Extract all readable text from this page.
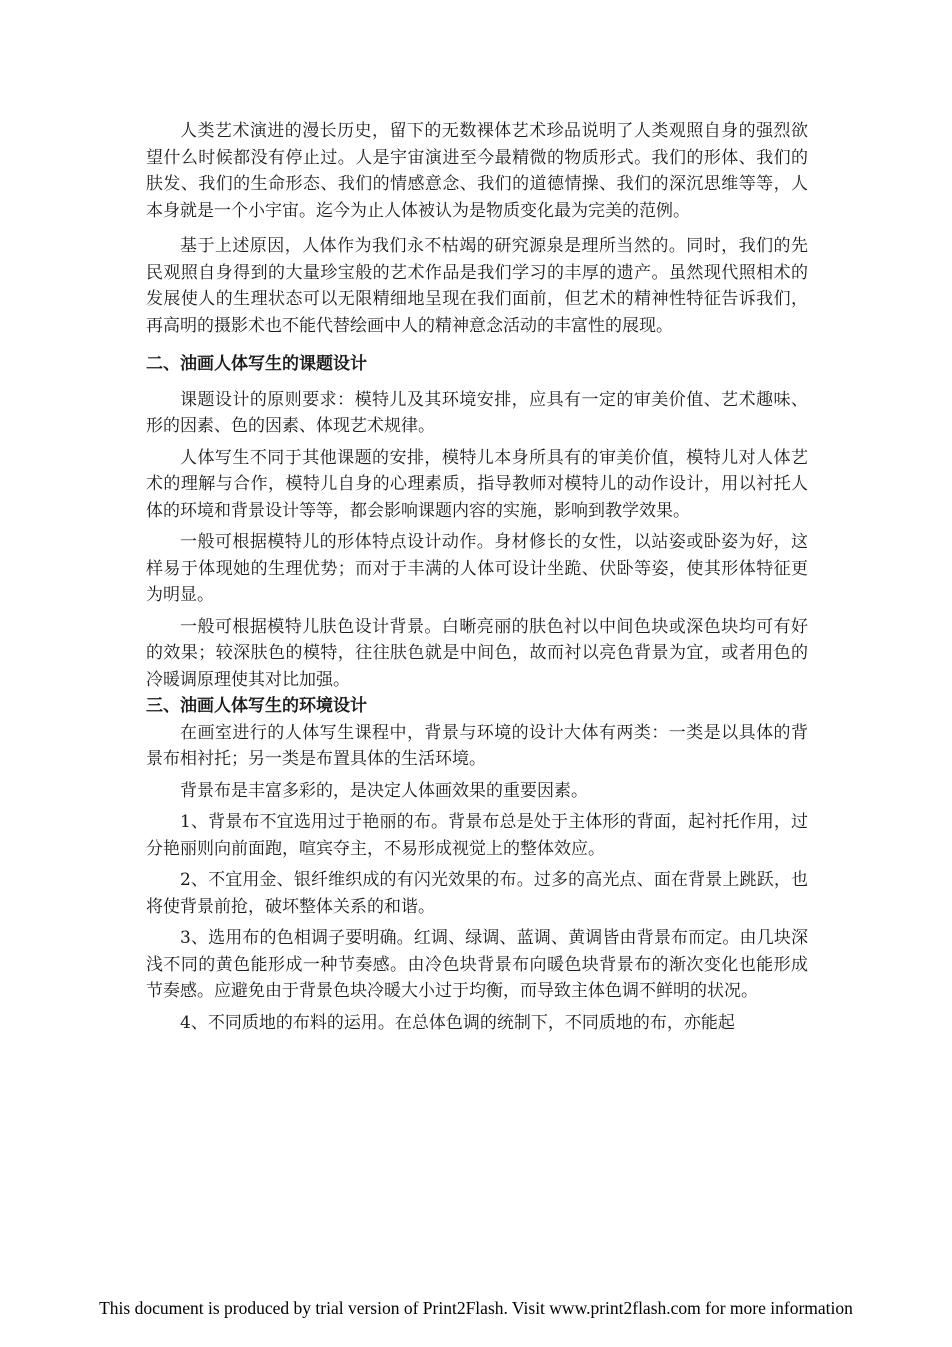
人类艺术演进的漫长历史，留下的无数裸体艺术珍品说明了人类观照自身的强烈欲望什么时候都没有停止过。人是宇宙演进至今最精微的物质形式。我们的形体、我们的肤发、我们的生命形态、我们的情感意念、我们的道德情操、我们的深沉思维等等，人本身就是一个小宇宙。迄今为止人体被认为是物质变化最为完美的范例。

基于上述原因，人体作为我们永不枯竭的研究源泉是理所当然的。同时，我们的先民观照自身得到的大量珍宝般的艺术作品是我们学习的丰厚的遗产。虽然现代照相术的发展使人的生理状态可以无限精细地呈现在我们面前，但艺术的精神性特征告诉我们，再高明的摄影术也不能代替绘画中人的精神意念活动的丰富性的展现。

二、油画人体写生的课题设计

课题设计的原则要求：模特儿及其环境安排，应具有一定的审美价值、艺术趣味、形的因素、色的因素、体现艺术规律。

人体写生不同于其他课题的安排，模特儿本身所具有的审美价值，模特儿对人体艺术的理解与合作，模特儿自身的心理素质，指导教师对模特儿的动作设计，用以衬托人体的环境和背景设计等等，都会影响课题内容的实施，影响到教学效果。

一般可根据模特儿的形体特点设计动作。身材修长的女性，以站姿或卧姿为好，这样易于体现她的生理优势；而对于丰满的人体可设计坐跪、伏卧等姿，使其形体特征更为明显。

一般可根据模特儿肤色设计背景。白晰亮丽的肤色衬以中间色块或深色块均可有好的效果；较深肤色的模特，往往肤色就是中间色，故而衬以亮色背景为宜，或者用色的冷暖调原理使其对比加强。

三、油画人体写生的环境设计

在画室进行的人体写生课程中，背景与环境的设计大体有两类：一类是以具体的背景布相衬托；另一类是布置具体的生活环境。

背景布是丰富多彩的，是决定人体画效果的重要因素。

1、背景布不宜选用过于艳丽的布。背景布总是处于主体形的背面，起衬托作用，过分艳丽则向前面跑，喧宾夺主，不易形成视觉上的整体效应。

2、不宜用金、银纤维织成的有闪光效果的布。过多的高光点、面在背景上跳跃，也将使背景前抢，破坏整体关系的和谐。

3、选用布的色相调子要明确。红调、绿调、蓝调、黄调皆由背景布而定。由几块深浅不同的黄色能形成一种节奏感。由冷色块背景布向暖色块背景布的渐次变化也能形成节奏感。应避免由于背景色块冷暖大小过于均衡，而导致主体色调不鲜明的状况。

4、不同质地的布料的运用。在总体色调的统制下，不同质地的布，亦能起

This document is produced by trial version of Print2Flash. Visit www.print2flash.com for more information
